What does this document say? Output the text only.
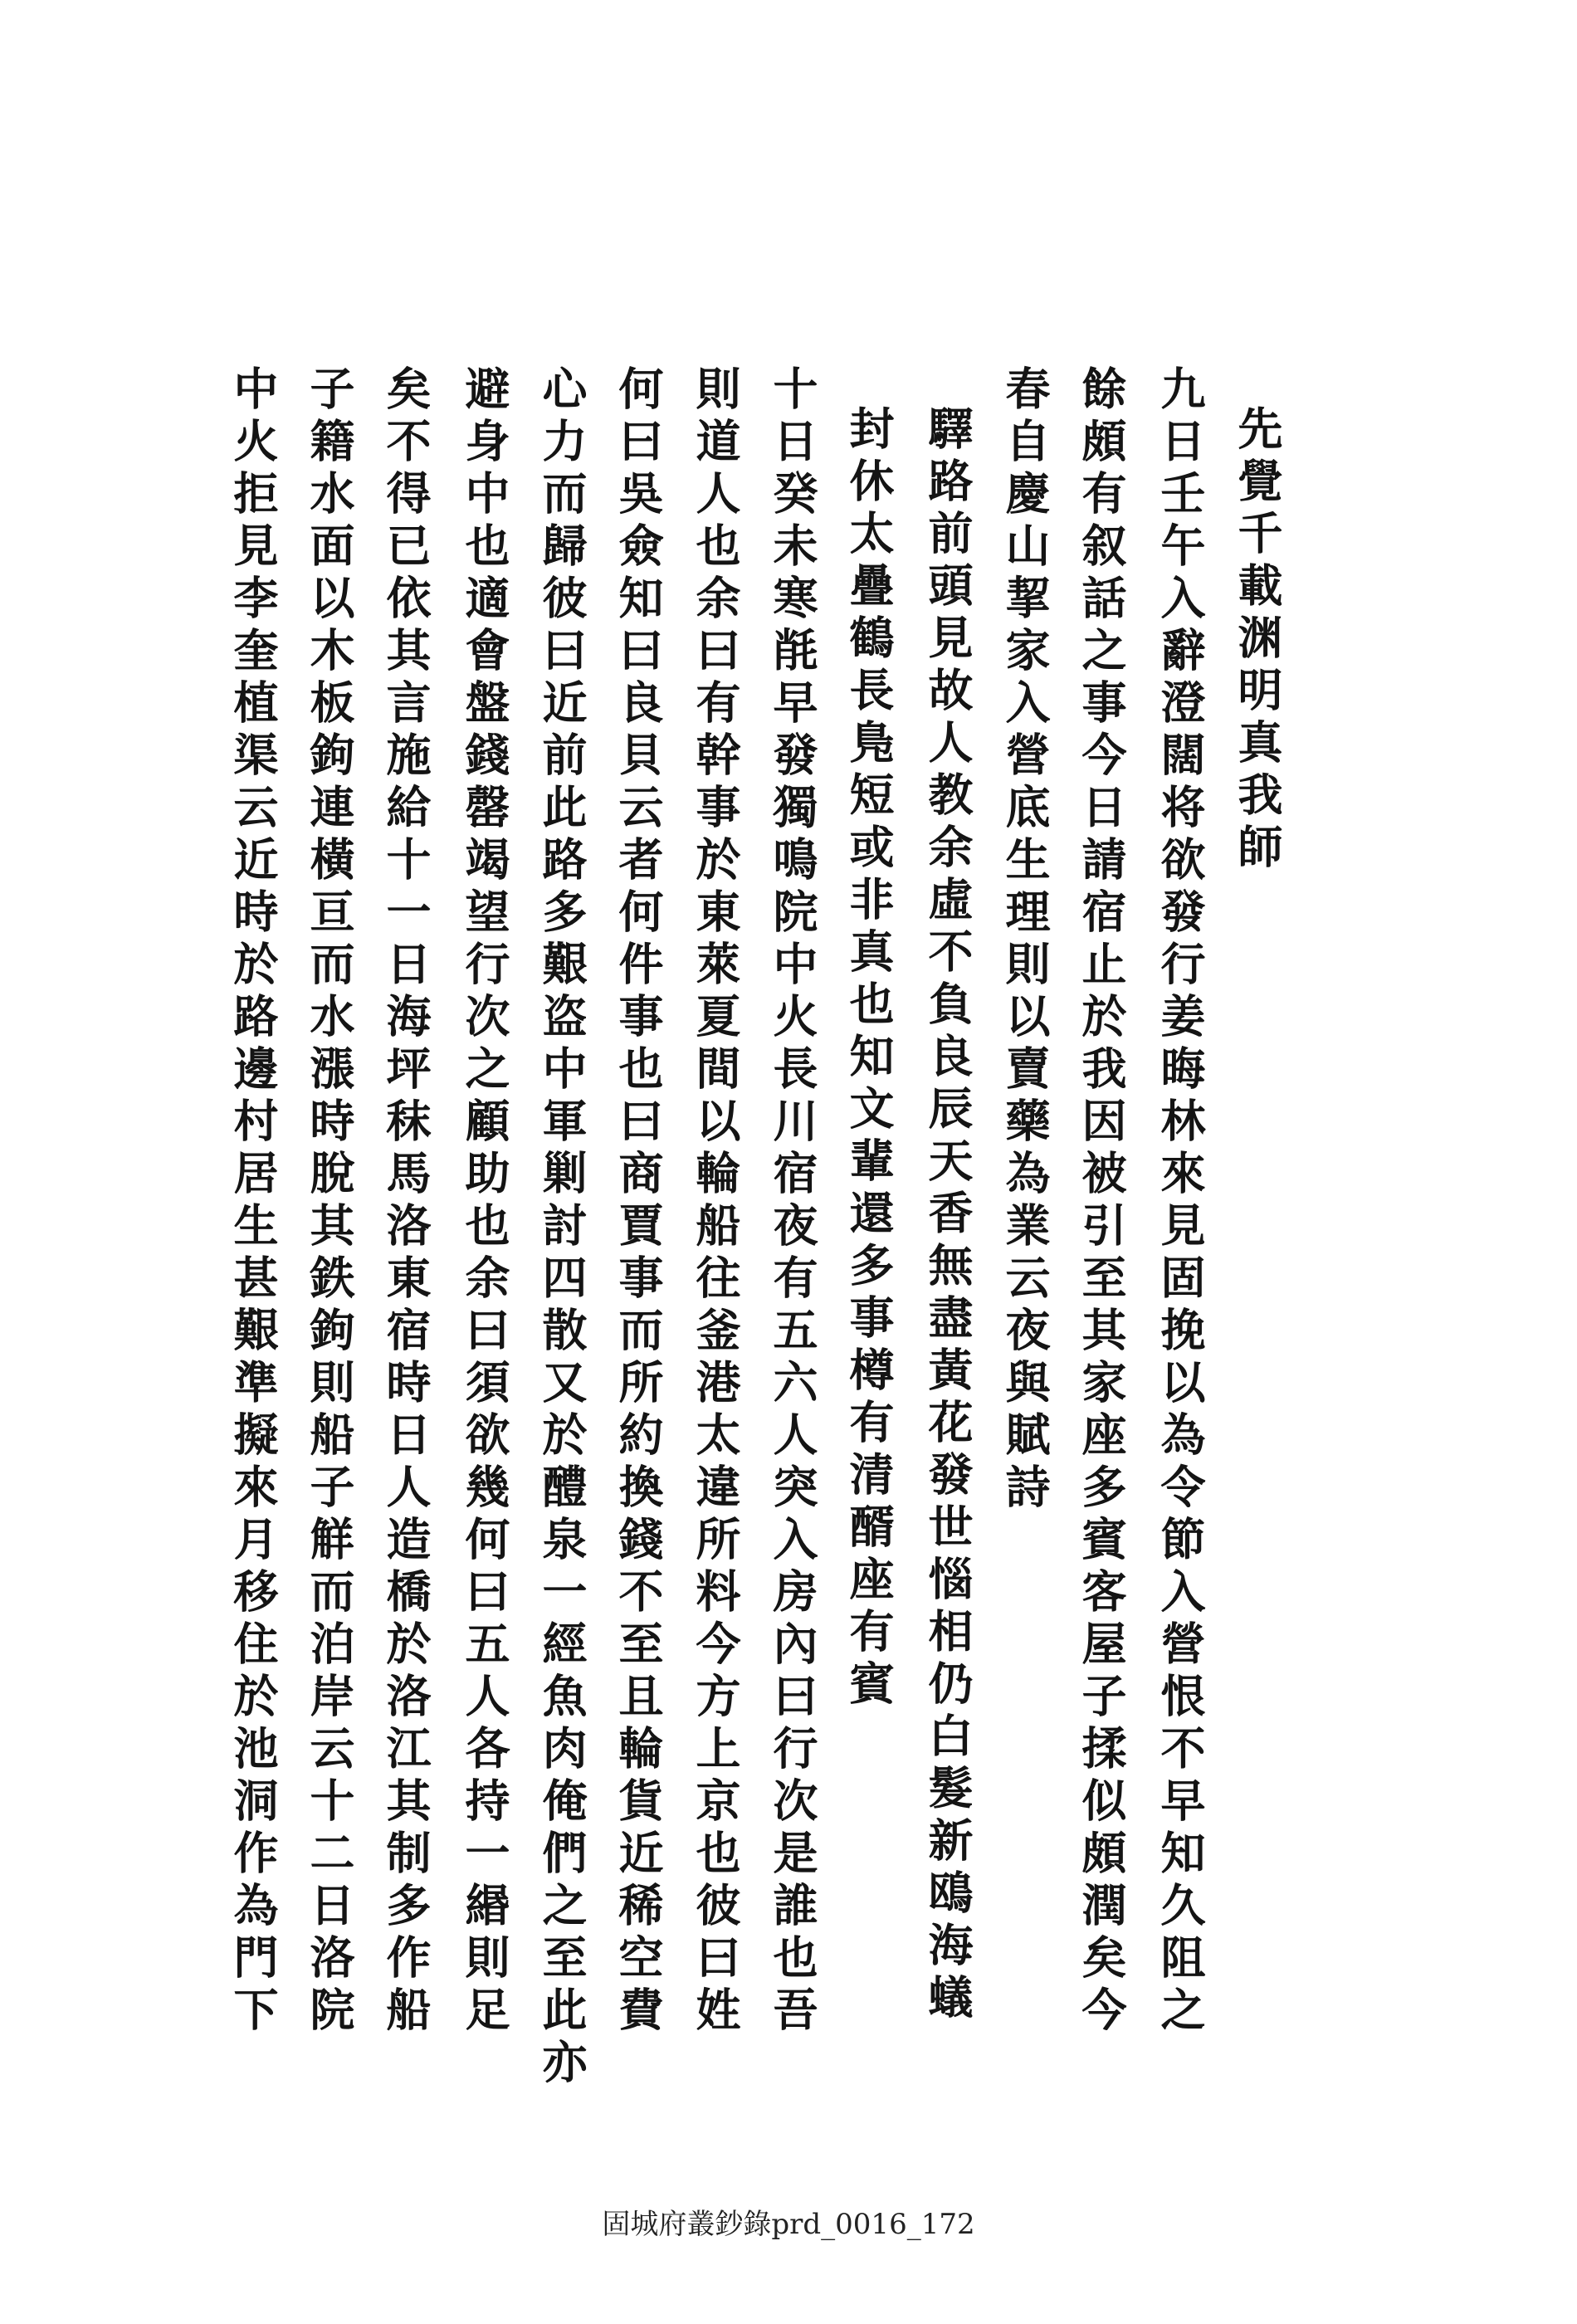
先覺千載渊明真我師
九日壬午入辭澄闊将欲發行姜晦林來見固挽以為令節入營恨不早知久阻之
餘頗有叙話之事今日請宿止於我因被引至其家座多賓客屋子揉似頗潤矣今
春自慶山挈家入營底生理則以賣藥為業云夜與賦詩
驛路前頭見故人教余虛不負良辰天香無盡黃花發世惱相仍白髮新鴎海蟻
封休太疊鶴長鳬短或非真也知文輩還多事樽有清醑座有賓
十日癸未寒㲖早發獨鳴院中火長川宿夜有五六人突入房內曰行次是誰也吾
則道人也余曰有幹事於東萊夏間以輪船往釜港太違所料今方上京也彼曰姓
何曰吳僉知曰良貝云者何件事也曰商賈事而所約換錢不至且輪貨近稀空費
心力而歸彼曰近前此路多艱盗中軍剿討四散又於醴泉一經魚肉俺們之至此亦
避身中也適會盤錢罄竭望行次之顧助也余曰須欲幾何曰五人各持一緡則足
矣不得已依其言施給十一日海坪秣馬洛東宿時日人造橋於洛江其制多作船
子籍水面以木板鉤連橫亘而水漲時脫其鉄鉤則船子觧而泊岸云十二日洛院
中火拒見李奎植渠云近時於路邊村居生甚艱準擬來月移住於池洞作為門下
固城府叢鈔錄prd_0016_172
